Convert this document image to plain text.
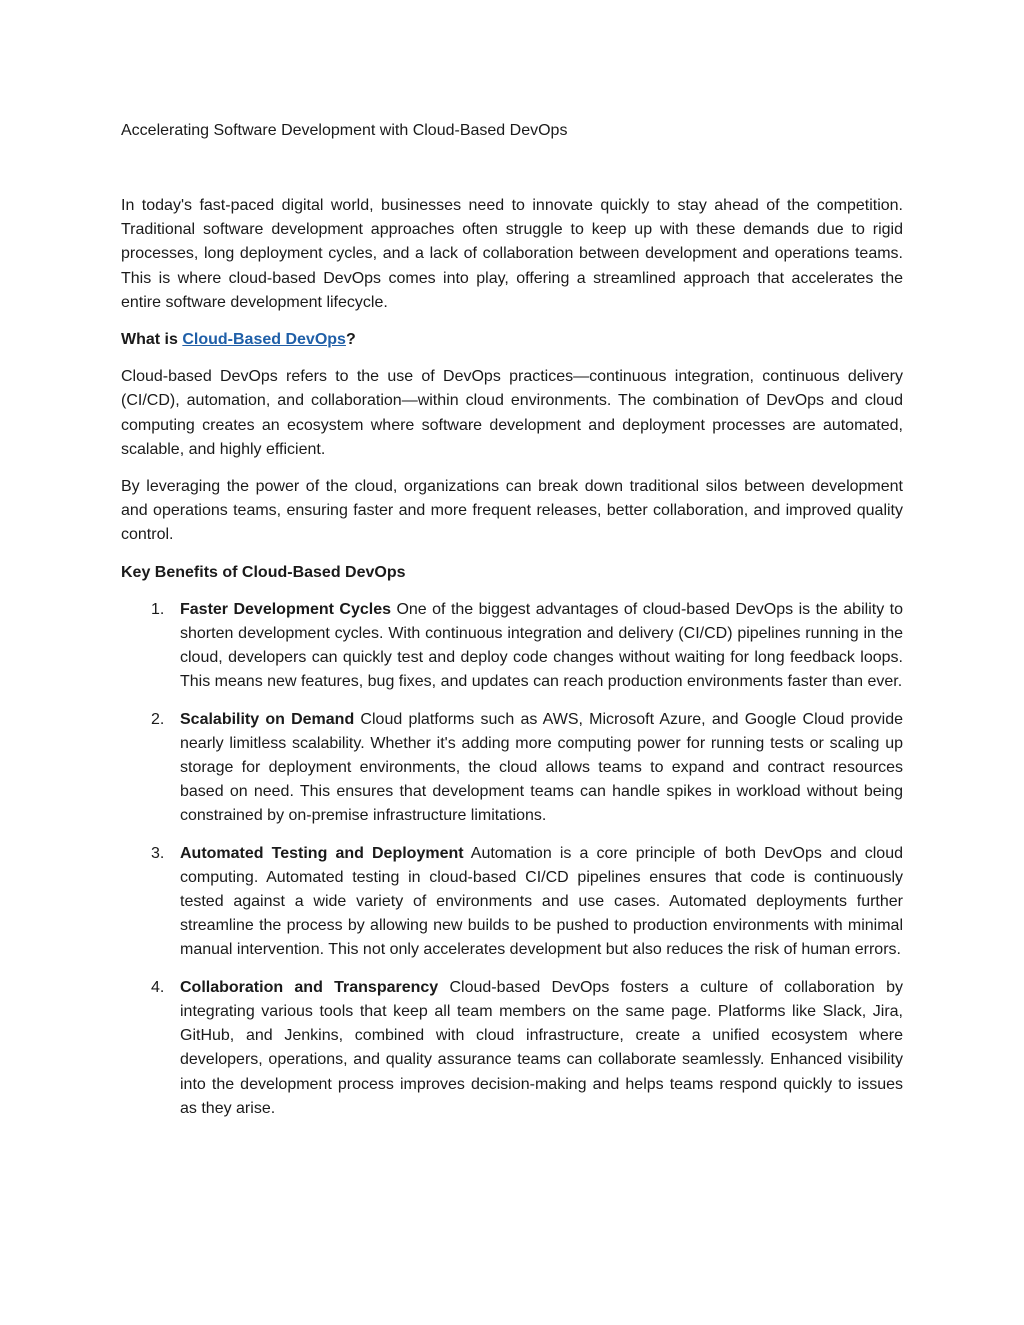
Accelerating Software Development with Cloud-Based DevOps

In today's fast-paced digital world, businesses need to innovate quickly to stay ahead of the competition. Traditional software development approaches often struggle to keep up with these demands due to rigid processes, long deployment cycles, and a lack of collaboration between development and operations teams. This is where cloud-based DevOps comes into play, offering a streamlined approach that accelerates the entire software development lifecycle.

What is Cloud-Based DevOps?

Cloud-based DevOps refers to the use of DevOps practices—continuous integration, continuous delivery (CI/CD), automation, and collaboration—within cloud environments. The combination of DevOps and cloud computing creates an ecosystem where software development and deployment processes are automated, scalable, and highly efficient.

By leveraging the power of the cloud, organizations can break down traditional silos between development and operations teams, ensuring faster and more frequent releases, better collaboration, and improved quality control.

Key Benefits of Cloud-Based DevOps

1. Faster Development Cycles One of the biggest advantages of cloud-based DevOps is the ability to shorten development cycles. With continuous integration and delivery (CI/CD) pipelines running in the cloud, developers can quickly test and deploy code changes without waiting for long feedback loops. This means new features, bug fixes, and updates can reach production environments faster than ever.
2. Scalability on Demand Cloud platforms such as AWS, Microsoft Azure, and Google Cloud provide nearly limitless scalability. Whether it's adding more computing power for running tests or scaling up storage for deployment environments, the cloud allows teams to expand and contract resources based on need. This ensures that development teams can handle spikes in workload without being constrained by on-premise infrastructure limitations.
3. Automated Testing and Deployment Automation is a core principle of both DevOps and cloud computing. Automated testing in cloud-based CI/CD pipelines ensures that code is continuously tested against a wide variety of environments and use cases. Automated deployments further streamline the process by allowing new builds to be pushed to production environments with minimal manual intervention. This not only accelerates development but also reduces the risk of human errors.
4. Collaboration and Transparency Cloud-based DevOps fosters a culture of collaboration by integrating various tools that keep all team members on the same page. Platforms like Slack, Jira, GitHub, and Jenkins, combined with cloud infrastructure, create a unified ecosystem where developers, operations, and quality assurance teams can collaborate seamlessly. Enhanced visibility into the development process improves decision-making and helps teams respond quickly to issues as they arise.
